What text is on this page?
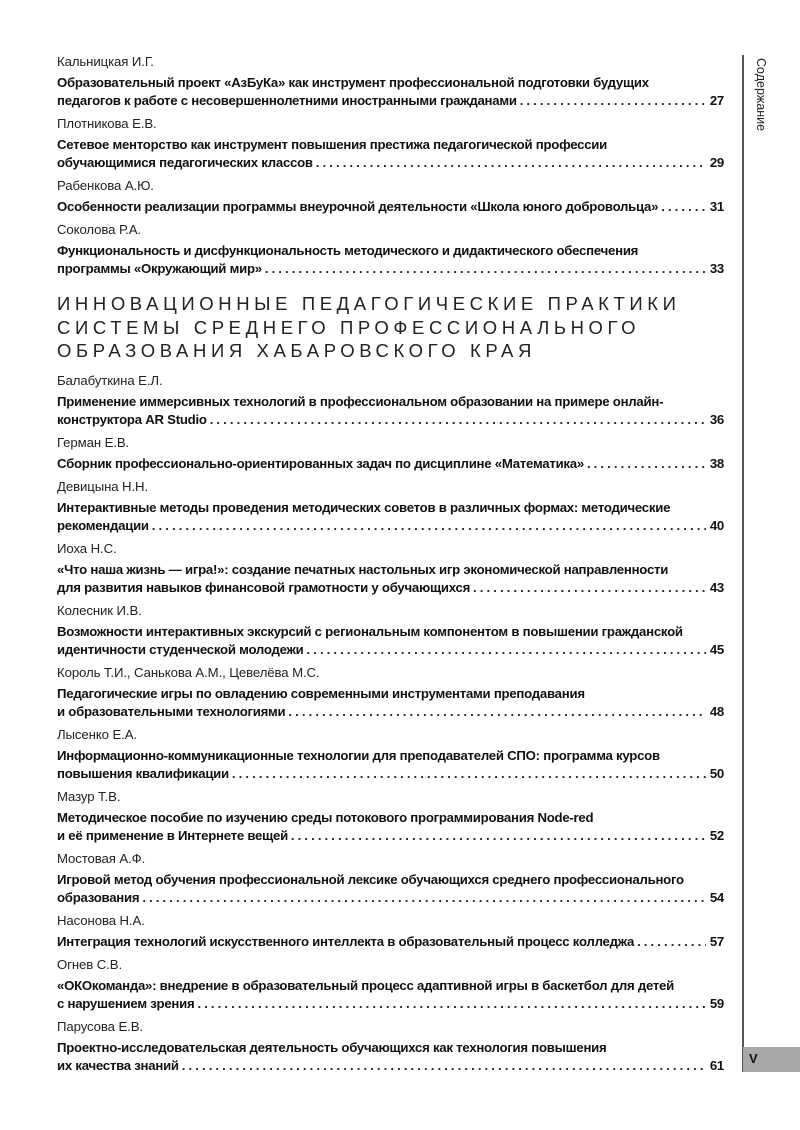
Содержание
V
Кальницкая И.Г.
Образовательный проект «АзБуКа» как инструмент профессиональной подготовки будущих
педагогов к работе с несовершеннолетними иностранными гражданами . . .	27
Плотникова Е.В.
Сетевое менторство как инструмент повышения престижа педагогической профессии
обучающимися педагогических классов . . .	29
Рабенкова А.Ю.
Особенности реализации программы внеурочной деятельности «Школа юного добровольца» . . .	31
Соколова Р.А.
Функциональность и дисфункциональность методического и дидактического обеспечения
программы «Окружающий мир» . . .	33
ИННОВАЦИОННЫЕ ПЕДАГОГИЧЕСКИЕ ПРАКТИКИ
СИСТЕМЫ СРЕДНЕГО ПРОФЕССИОНАЛЬНОГО
ОБРАЗОВАНИЯ ХАБАРОВСКОГО КРАЯ
Балабуткина Е.Л.
Применение иммерсивных технологий в профессиональном образовании на примере онлайн-
конструктора AR Studio . . .	36
Герман Е.В.
Сборник профессионально-ориентированных задач по дисциплине «Математика» . . .	38
Девицына Н.Н.
Интерактивные методы проведения методических советов в различных формах: методические
рекомендации . . .	40
Иоха Н.С.
«Что наша жизнь — игра!»: создание печатных настольных игр экономической направленности
для развития навыков финансовой грамотности у обучающихся . . .	43
Колесник И.В.
Возможности интерактивных экскурсий с региональным компонентом в повышении гражданской
идентичности студенческой молодежи . . .	45
Король Т.И., Санькова А.М., Цевелёва М.С.
Педагогические игры по овладению современными инструментами преподавания
и образовательными технологиями . . .	48
Лысенко Е.А.
Информационно-коммуникационные технологии для преподавателей СПО: программа курсов
повышения квалификации . . .	50
Мазур Т.В.
Методическое пособие по изучению среды потокового программирования Node-red
и её применение в Интернете вещей . . .	52
Мостовая А.Ф.
Игровой метод обучения профессиональной лексике обучающихся среднего профессионального
образования . . .	54
Насонова Н.А.
Интеграция технологий искусственного интеллекта в образовательный процесс колледжа . . .	57
Огнев С.В.
«ОКОкоманда»: внедрение в образовательный процесс адаптивной игры в баскетбол для детей
с нарушением зрения . . .	59
Парусова Е.В.
Проектно-исследовательская деятельность обучающихся как технология повышения
их качества знаний . . .	61
